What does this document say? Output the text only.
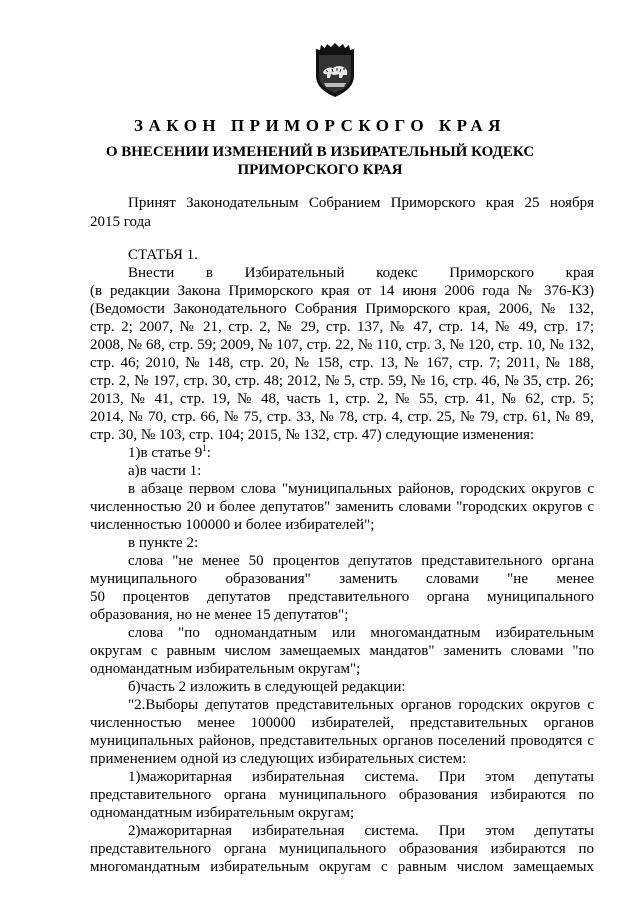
ЗАКОН ПРИМОРСКОГО КРАЯ
О ВНЕСЕНИИ ИЗМЕНЕНИЙ В ИЗБИРАТЕЛЬНЫЙ КОДЕКС
ПРИМОРСКОГО КРАЯ
Принят Законодательным Собранием Приморского края 25 ноября
2015 года
СТАТЬЯ 1.
Внести в Избирательный кодекс Приморского края
(в редакции Закона Приморского края от 14 июня 2006 года № 376-КЗ)
(Ведомости Законодательного Собрания Приморского края, 2006, № 132,
стр. 2; 2007, № 21, стр. 2, № 29, стр. 137, № 47, стр. 14, № 49, стр. 17;
2008, № 68, стр. 59; 2009, № 107, стр. 22, № 110, стр. 3, № 120, стр. 10, № 132,
стр. 46; 2010, № 148, стр. 20, № 158, стр. 13, № 167, стр. 7; 2011, № 188,
стр. 2, № 197, стр. 30, стр. 48; 2012, № 5, стр. 59, № 16, стр. 46, № 35, стр. 26;
2013, № 41, стр. 19, № 48, часть 1, стр. 2, № 55, стр. 41, № 62, стр. 5;
2014, № 70, стр. 66, № 75, стр. 33, № 78, стр. 4, стр. 25, № 79, стр. 61, № 89,
стр. 30, № 103, стр. 104; 2015, № 132, стр. 47) следующие изменения:
1)в статье $9^1$:
а)в части 1:
в абзаце первом слова "муниципальных районов, городских округов с
численностью 20 и более депутатов" заменить словами "городских округов с
численностью 100000 и более избирателей";
в пункте 2:
слова "не менее 50 процентов депутатов представительного органа
муниципального образования" заменить словами "не менее
50 процентов депутатов представительного органа муниципального
образования, но не менее 15 депутатов";
слова "по одномандатным или многомандатным избирательным
округам с равным числом замещаемых мандатов" заменить словами "по
одномандатным избирательным округам";
б)часть 2 изложить в следующей редакции:
"2.Выборы депутатов представительных органов городских округов с
численностью менее 100000 избирателей, представительных органов
муниципальных районов, представительных органов поселений проводятся с
применением одной из следующих избирательных систем:
1)мажоритарная избирательная система. При этом депутаты
представительного органа муниципального образования избираются по
одномандатным избирательным округам;
2)мажоритарная избирательная система. При этом депутаты
представительного органа муниципального образования избираются по
многомандатным избирательным округам с равным числом замещаемых
